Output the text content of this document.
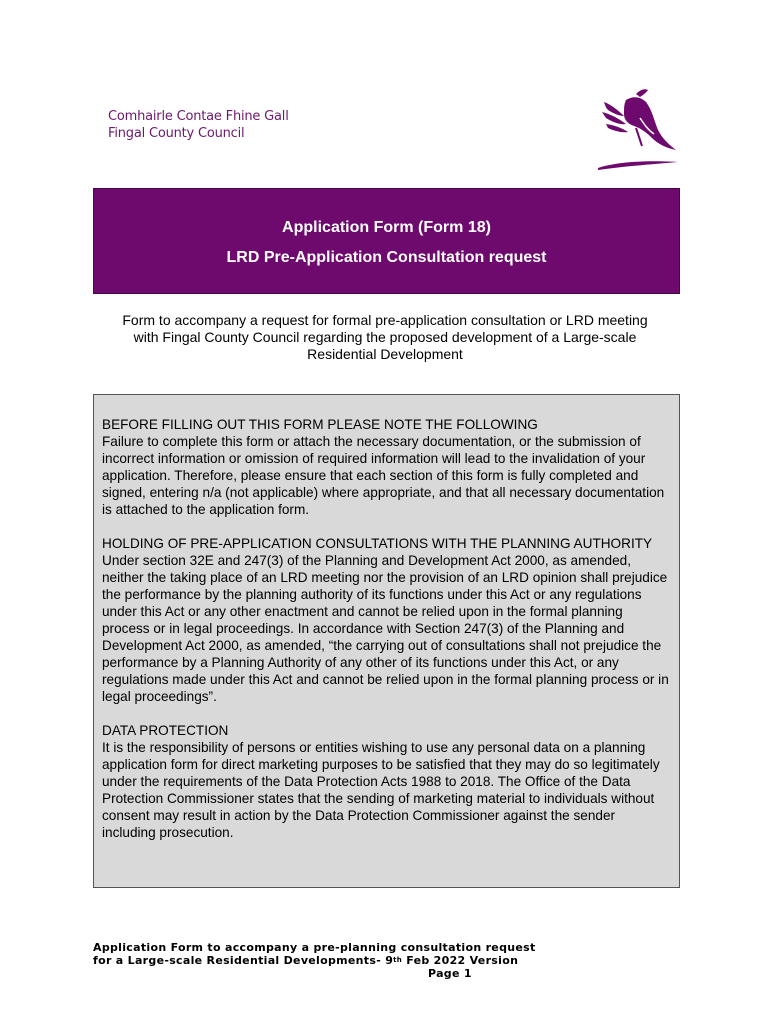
Comhairle Contae Fhine Gall
Fingal County Council
Application Form (Form 18)
LRD Pre-Application Consultation request
Form to accompany a request for formal pre-application consultation or LRD meeting
with Fingal County Council regarding the proposed development of a Large-scale
Residential Development

BEFORE FILLING OUT THIS FORM PLEASE NOTE THE FOLLOWING
Failure to complete this form or attach the necessary documentation, or the submission of incorrect information or omission of required information will lead to the invalidation of your application. Therefore, please ensure that each section of this form is fully completed and signed, entering n/a (not applicable) where appropriate, and that all necessary documentation is attached to the application form.

HOLDING OF PRE-APPLICATION CONSULTATIONS WITH THE PLANNING AUTHORITY Under section 32E and 247(3) of the Planning and Development Act 2000, as amended, neither the taking place of an LRD meeting nor the provision of an LRD opinion shall prejudice the performance by the planning authority of its functions under this Act or any regulations under this Act or any other enactment and cannot be relied upon in the formal planning process or in legal proceedings. In accordance with Section 247(3) of the Planning and Development Act 2000, as amended, “the carrying out of consultations shall not prejudice the performance by a Planning Authority of any other of its functions under this Act, or any regulations made under this Act and cannot be relied upon in the formal planning process or in legal proceedings”.

DATA PROTECTION
It is the responsibility of persons or entities wishing to use any personal data on a planning application form for direct marketing purposes to be satisfied that they may do so legitimately under the requirements of the Data Protection Acts 1988 to 2018. The Office of the Data Protection Commissioner states that the sending of marketing material to individuals without consent may result in action by the Data Protection Commissioner against the sender including prosecution.

Application Form to accompany a pre-planning consultation request
for a Large-scale Residential Developments- 9th Feb 2022 Version
Page 1
